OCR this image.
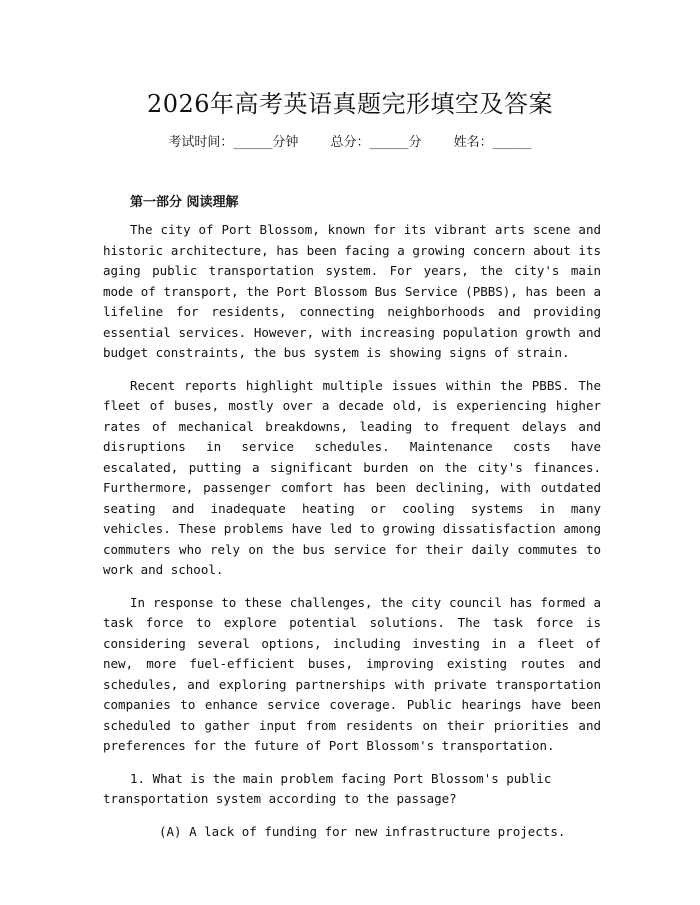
2026年高考英语真题完形填空及答案
考试时间：______分钟 总分：______分 姓名：______
第一部分 阅读理解

The city of Port Blossom, known for its vibrant arts scene and historic architecture, has been facing a growing concern about its aging public transportation system. For years, the city's main mode of transport, the Port Blossom Bus Service (PBBS), has been a lifeline for residents, connecting neighborhoods and providing essential services. However, with increasing population growth and budget constraints, the bus system is showing signs of strain.

Recent reports highlight multiple issues within the PBBS. The fleet of buses, mostly over a decade old, is experiencing higher rates of mechanical breakdowns, leading to frequent delays and disruptions in service schedules. Maintenance costs have escalated, putting a significant burden on the city's finances. Furthermore, passenger comfort has been declining, with outdated seating and inadequate heating or cooling systems in many vehicles. These problems have led to growing dissatisfaction among commuters who rely on the bus service for their daily commutes to work and school.

In response to these challenges, the city council has formed a task force to explore potential solutions. The task force is considering several options, including investing in a fleet of new, more fuel-efficient buses, improving existing routes and schedules, and exploring partnerships with private transportation companies to enhance service coverage. Public hearings have been scheduled to gather input from residents on their priorities and preferences for the future of Port Blossom's transportation.

1. What is the main problem facing Port Blossom's public transportation system according to the passage?
(A) A lack of funding for new infrastructure projects.
